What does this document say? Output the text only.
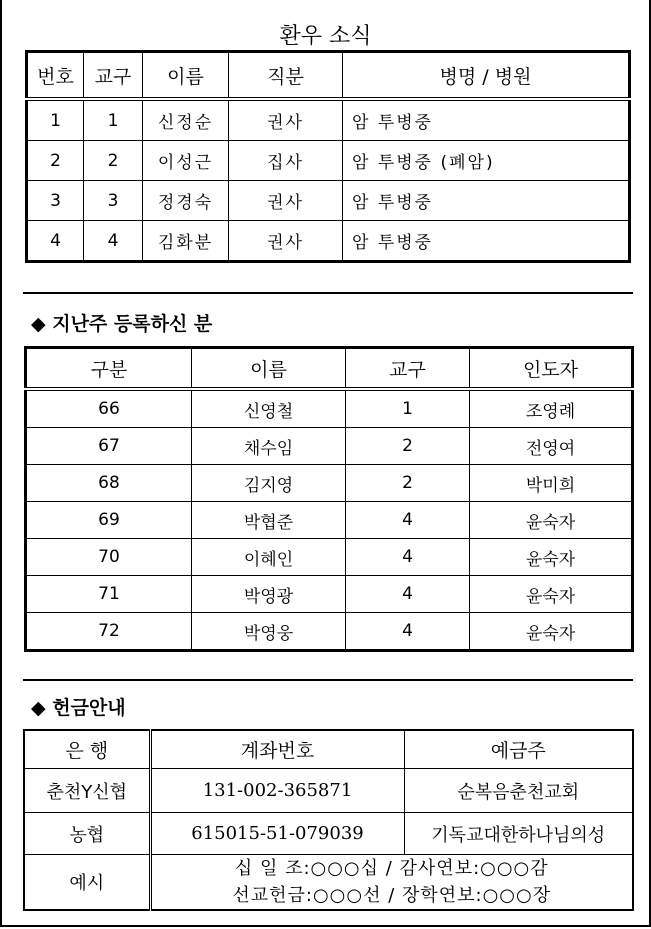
환우 소식
번호	교구	이름	직분	병명 / 병원
1	1	신정순	권사	암 투병중
2	2	이성근	집사	암 투병중 (폐암)
3	3	정경숙	권사	암 투병중
4	4	김화분	권사	암 투병중
◆ 지난주 등록하신 분
구분	이름	교구	인도자
66	신영철	1	조영례
67	채수임	2	전영여
68	김지영	2	박미희
69	박협준	4	윤숙자
70	이혜인	4	윤숙자
71	박영광	4	윤숙자
72	박영웅	4	윤숙자
◆ 헌금안내
은 행	계좌번호	예금주
춘천Y신협	131-002-365871	순복음춘천교회
농협	615015-51-079039	기독교대한하나님의성
예시	십 일 조:○○○십 / 감사연보:○○○감
선교헌금:○○○선 / 장학연보:○○○장	
